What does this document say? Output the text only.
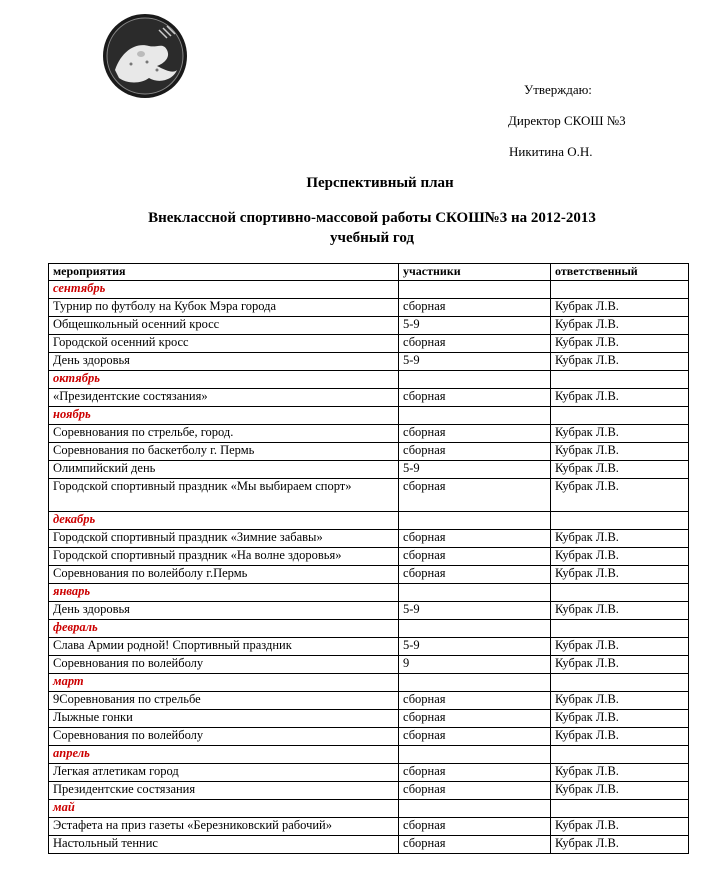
Утверждаю:
Директор СКОШ №3
Никитина О.Н.
Перспективный план
Внеклассной спортивно-массовой работы СКОШ№3 на 2012-2013
учебный год
мероприятия	участники	ответственный
сентябрь		
Турнир по футболу на Кубок Мэра города	сборная	Кубрак Л.В.
Общешкольный осенний кросс	5-9	Кубрак Л.В.
Городской осенний кросс	сборная	Кубрак Л.В.
День здоровья	5-9	Кубрак Л.В.
октябрь		
«Президентские состязания»	сборная	Кубрак Л.В.
ноябрь		
Соревнования по стрельбе, город.	сборная	Кубрак Л.В.
Соревнования по баскетболу г. Пермь	сборная	Кубрак Л.В.
Олимпийский день	5-9	Кубрак Л.В.
Городской спортивный праздник «Мы выбираем спорт»	сборная	Кубрак Л.В.
декабрь		
Городской спортивный праздник «Зимние забавы»	сборная	Кубрак Л.В.
Городской спортивный праздник «На волне здоровья»	сборная	Кубрак Л.В.
Соревнования по волейболу г.Пермь	сборная	Кубрак Л.В.
январь		
День здоровья	5-9	Кубрак Л.В.
февраль		
Слава Армии родной! Спортивный праздник	5-9	Кубрак Л.В.
Соревнования по волейболу	9	Кубрак Л.В.
март		
9Соревнования по стрельбе	сборная	Кубрак Л.В.
Лыжные гонки	сборная	Кубрак Л.В.
Соревнования по волейболу	сборная	Кубрак Л.В.
апрель		
Легкая атлетикам город	сборная	Кубрак Л.В.
Президентские состязания	сборная	Кубрак Л.В.
май		
Эстафета на приз газеты «Березниковский рабочий»	сборная	Кубрак Л.В.
Настольный теннис	сборная	Кубрак Л.В.
